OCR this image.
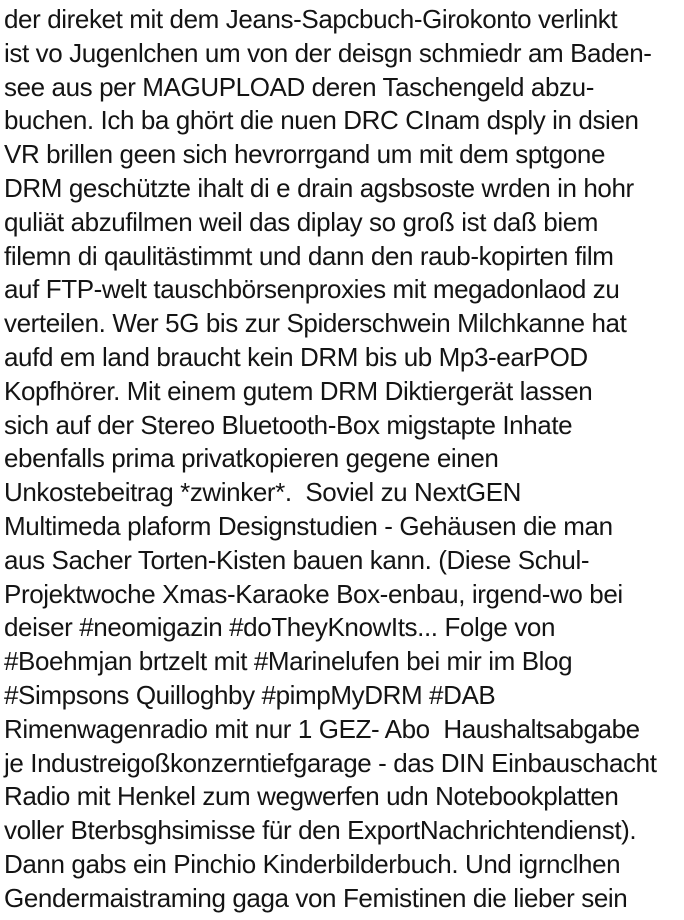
der direket mit dem Jeans-Sapcbuch-Girokonto verlinkt
ist vo Jugenlchen um von der deisgn schmiedr am Baden-
see aus per MAGUPLOAD deren Taschengeld abzu-
buchen. Ich ba ghört die nuen DRC CInam dsply in dsien
VR brillen geen sich hevrorrgand um mit dem sptgone
DRM geschützte ihalt di e drain agsbsoste wrden in hohr
quliät abzufilmen weil das diplay so groß ist daß biem
filemn di qaulitästimmt und dann den raub-kopirten film
auf FTP-welt tauschbörsenproxies mit megadonlaod zu
verteilen. Wer 5G bis zur Spiderschwein Milchkanne hat
aufd em land braucht kein DRM bis ub Mp3-earPOD
Kopfhörer. Mit einem gutem DRM Diktiergerät lassen
sich auf der Stereo Bluetooth-Box migstapte Inhate
ebenfalls prima privatkopieren gegene einen
Unkostebeitrag *zwinker*.  Soviel zu NextGEN
Multimeda plaform Designstudien - Gehäusen die man
aus Sacher Torten-Kisten bauen kann. (Diese Schul-
Projektwoche Xmas-Karaoke Box-enbau, irgend-wo bei
deiser #neomigazin #doTheyKnowIts... Folge von
#Boehmjan brtzelt mit #Marinelufen bei mir im Blog
#Simpsons Quilloghby #pimpMyDRM #DAB
Rimenwagenradio mit nur 1 GEZ- Abo  Haushaltsabgabe
je Industreigoßkonzerntiefgarage - das DIN Einbauschacht
Radio mit Henkel zum wegwerfen udn Notebookplatten
voller Bterbsghsimisse für den ExportNachrichtendienst).
Dann gabs ein Pinchio Kinderbilderbuch. Und igrnclhen
Gendermaistraming gaga von Femistinen die lieber sein
